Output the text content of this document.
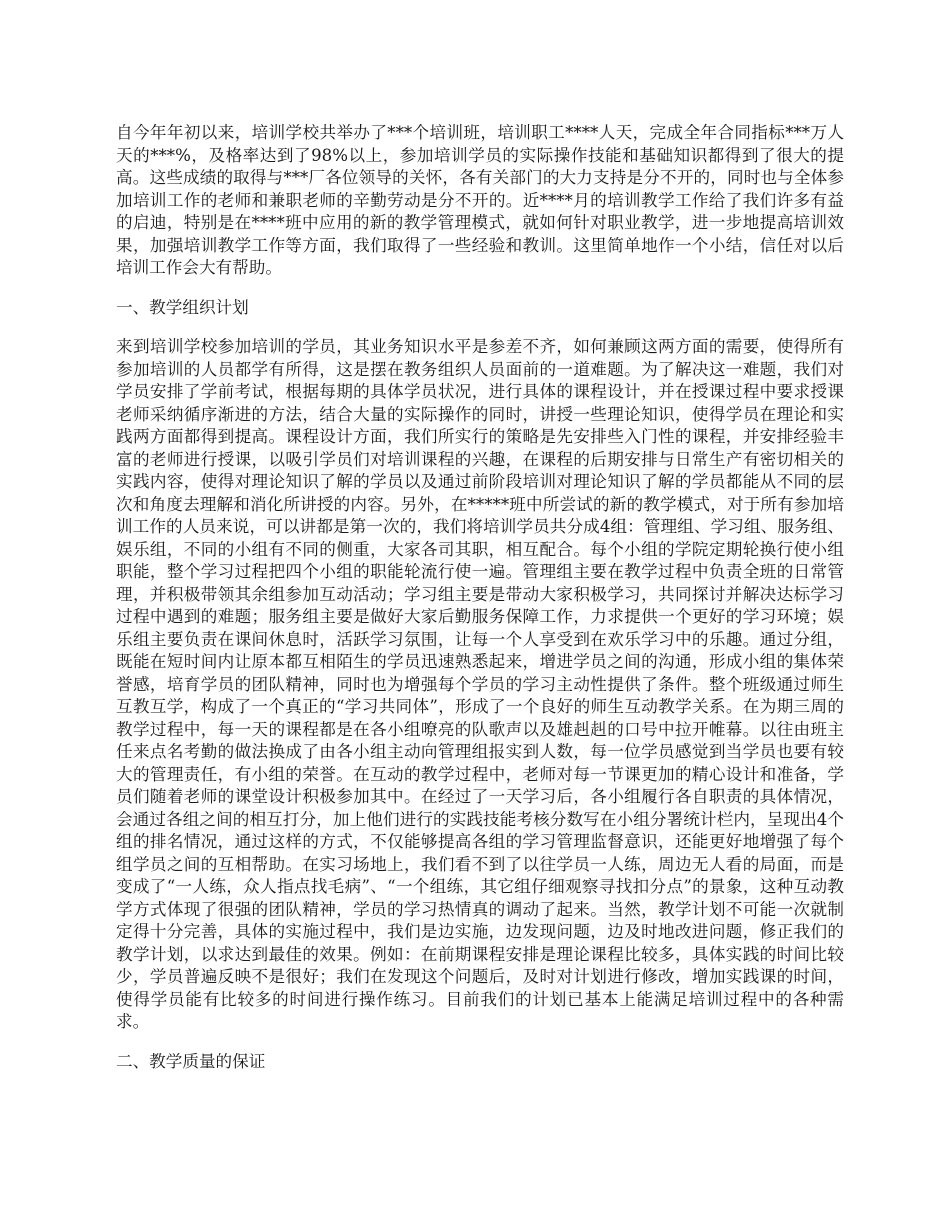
自今年年初以来，培训学校共举办了***个培训班，培训职工****人天，完成全年合同指标***万人天的***%，及格率达到了98%以上，参加培训学员的实际操作技能和基础知识都得到了很大的提高。这些成绩的取得与***厂各位领导的关怀，各有关部门的大力支持是分不开的，同时也与全体参加培训工作的老师和兼职老师的辛勤劳动是分不开的。近****月的培训教学工作给了我们许多有益的启迪，特别是在****班中应用的新的教学管理模式，就如何针对职业教学，进一步地提高培训效果，加强培训教学工作等方面，我们取得了一些经验和教训。这里简单地作一个小结，信任对以后培训工作会大有帮助。

一、教学组织计划

来到培训学校参加培训的学员，其业务知识水平是参差不齐，如何兼顾这两方面的需要，使得所有参加培训的人员都学有所得，这是摆在教务组织人员面前的一道难题。为了解决这一难题，我们对学员安排了学前考试，根据每期的具体学员状况，进行具体的课程设计，并在授课过程中要求授课老师采纳循序渐进的方法，结合大量的实际操作的同时，讲授一些理论知识，使得学员在理论和实践两方面都得到提高。课程设计方面，我们所实行的策略是先安排些入门性的课程，并安排经验丰富的老师进行授课，以吸引学员们对培训课程的兴趣，在课程的后期安排与日常生产有密切相关的实践内容，使得对理论知识了解的学员以及通过前阶段培训对理论知识了解的学员都能从不同的层次和角度去理解和消化所讲授的内容。另外，在*****班中所尝试的新的教学模式，对于所有参加培训工作的人员来说，可以讲都是第一次的，我们将培训学员共分成4组：管理组、学习组、服务组、娱乐组，不同的小组有不同的侧重，大家各司其职，相互配合。每个小组的学院定期轮换行使小组职能，整个学习过程把四个小组的职能轮流行使一遍。管理组主要在教学过程中负责全班的日常管理，并积极带领其余组参加互动活动；学习组主要是带动大家积极学习，共同探讨并解决达标学习过程中遇到的难题；服务组主要是做好大家后勤服务保障工作，力求提供一个更好的学习环境；娱乐组主要负责在课间休息时，活跃学习氛围，让每一个人享受到在欢乐学习中的乐趣。通过分组，既能在短时间内让原本都互相陌生的学员迅速熟悉起来，增进学员之间的沟通，形成小组的集体荣誉感，培育学员的团队精神，同时也为增强每个学员的学习主动性提供了条件。整个班级通过师生互教互学，构成了一个真正的“学习共同体”，形成了一个良好的师生互动教学关系。在为期三周的教学过程中，每一天的课程都是在各小组嘹亮的队歌声以及雄赳赳的口号中拉开帷幕。以往由班主任来点名考勤的做法换成了由各小组主动向管理组报实到人数，每一位学员感觉到当学员也要有较大的管理责任，有小组的荣誉。在互动的教学过程中，老师对每一节课更加的精心设计和准备，学员们随着老师的课堂设计积极参加其中。在经过了一天学习后，各小组履行各自职责的具体情况，会通过各组之间的相互打分，加上他们进行的实践技能考核分数写在小组分署统计栏内，呈现出4个组的排名情况，通过这样的方式，不仅能够提高各组的学习管理监督意识，还能更好地增强了每个组学员之间的互相帮助。在实习场地上，我们看不到了以往学员一人练，周边无人看的局面，而是变成了“一人练，众人指点找毛病”、“一个组练，其它组仔细观察寻找扣分点”的景象，这种互动教学方式体现了很强的团队精神，学员的学习热情真的调动了起来。当然，教学计划不可能一次就制定得十分完善，具体的实施过程中，我们是边实施，边发现问题，边及时地改进问题，修正我们的教学计划，以求达到最佳的效果。例如：在前期课程安排是理论课程比较多，具体实践的时间比较少，学员普遍反映不是很好；我们在发现这个问题后，及时对计划进行修改，增加实践课的时间，使得学员能有比较多的时间进行操作练习。目前我们的计划已基本上能满足培训过程中的各种需求。

二、教学质量的保证
